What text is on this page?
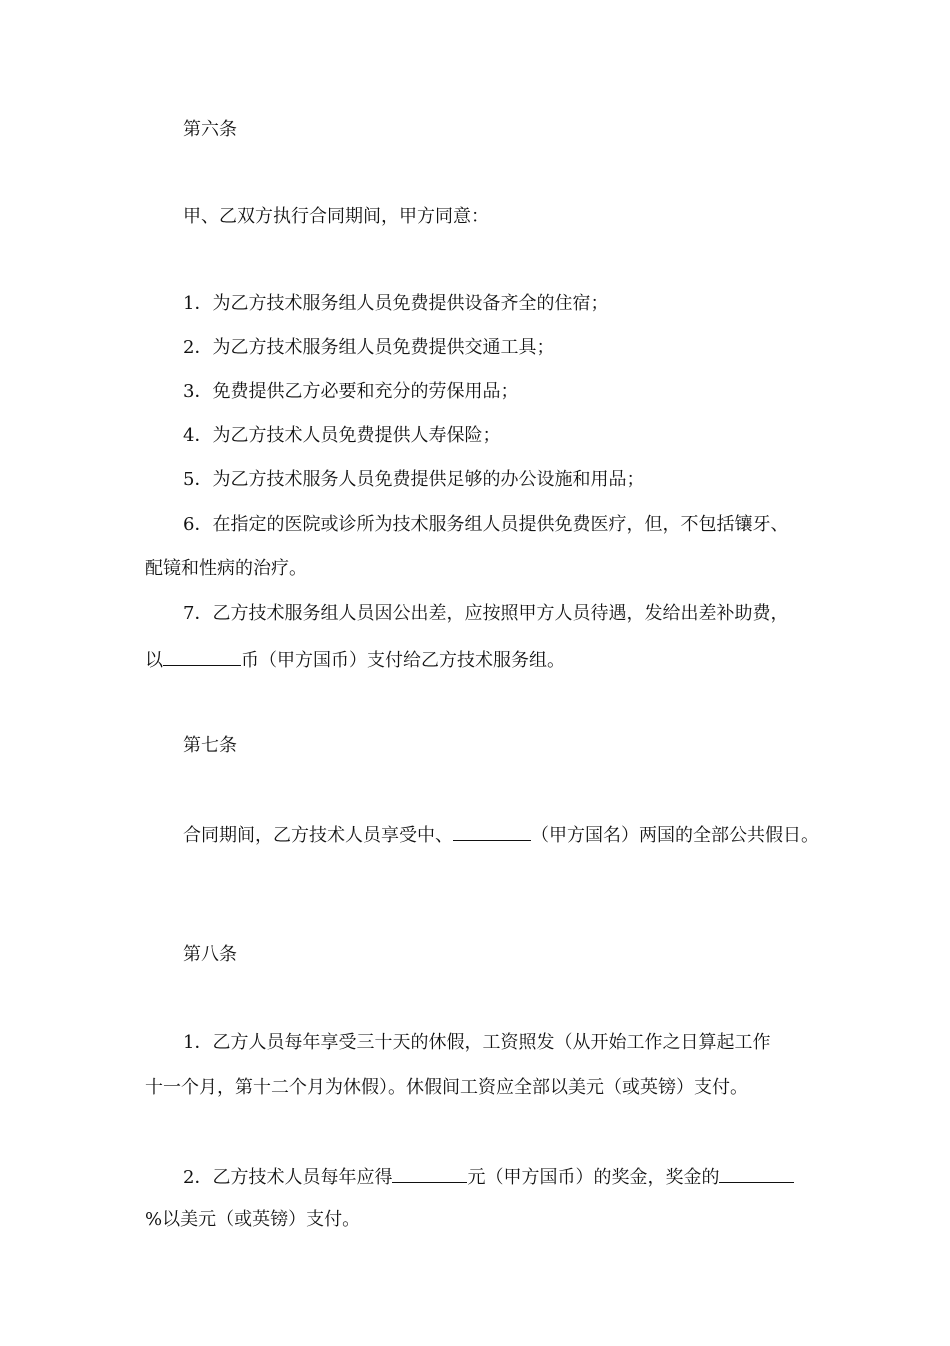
第六条
甲、乙双方执行合同期间，甲方同意：
1．为乙方技术服务组人员免费提供设备齐全的住宿；
2．为乙方技术服务组人员免费提供交通工具；
3．免费提供乙方必要和充分的劳保用品；
4．为乙方技术人员免费提供人寿保险；
5．为乙方技术服务人员免费提供足够的办公设施和用品；
6．在指定的医院或诊所为技术服务组人员提供免费医疗，但，不包括镶牙、
配镜和性病的治疗。
7．乙方技术服务组人员因公出差，应按照甲方人员待遇，发给出差补助费，
以	币（甲方国币）支付给乙方技术服务组。
第七条
合同期间，乙方技术人员享受中、	（甲方国名）两国的全部公共假日。
第八条
1．乙方人员每年享受三十天的休假，工资照发（从开始工作之日算起工作
十一个月，第十二个月为休假）。休假间工资应全部以美元（或英镑）支付。
2．乙方技术人员每年应得	元（甲方国币）的奖金，奖金的
%以美元（或英镑）支付。
